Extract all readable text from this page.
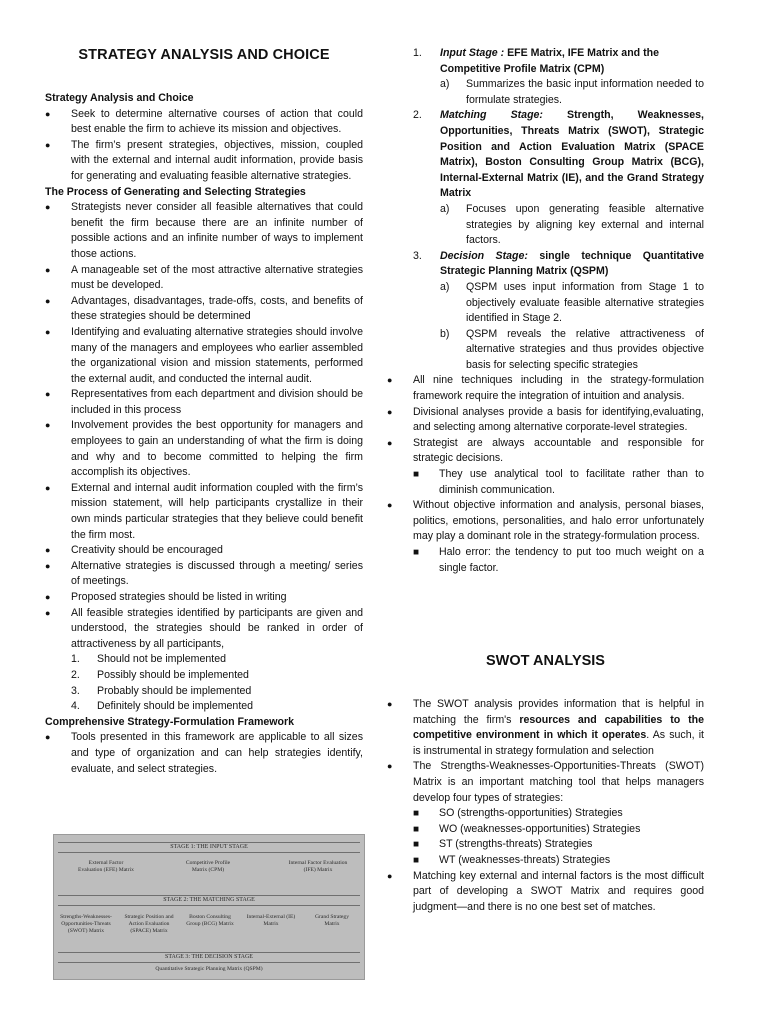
STRATEGY ANALYSIS AND CHOICE
Strategy Analysis and Choice
● Seek to determine alternative courses of action that could best enable the firm to achieve its mission and objectives.
● The firm’s present strategies, objectives, mission, coupled with the external and internal audit information, provide basis for generating and evaluating feasible alternative strategies.
The Process of Generating and Selecting Strategies
● Strategists never consider all feasible alternatives that could benefit the firm because there are an infinite number of possible actions and an infinite number of ways to implement those actions.
● A manageable set of the most attractive alternative strategies must be developed.
● Advantages, disadvantages, trade-offs, costs, and benefits of these strategies should be determined
● Identifying and evaluating alternative strategies should involve many of the managers and employees who earlier assembled the organizational vision and mission statements, performed the external audit, and conducted the internal audit.
● Representatives from each department and division should be included in this process
● Involvement provides the best opportunity for managers and employees to gain an understanding of what the firm is doing and why and to become committed to helping the firm accomplish its objectives.
● External and internal audit information coupled with the firm’s mission statement, will help participants crystallize in their own minds particular strategies that they believe could benefit the firm most.
● Creativity should be encouraged
● Alternative strategies is discussed through a meeting/ series of meetings.
● Proposed strategies should be listed in writing
● All feasible strategies identified by participants are given and understood, the strategies should be ranked in order of attractiveness by all participants,
1. Should not be implemented
2. Possibly should be implemented
3. Probably should be implemented
4. Definitely should be implemented
Comprehensive Strategy-Formulation Framework
● Tools presented in this framework are applicable to all sizes and type of organization and can help strategies identify, evaluate, and select strategies.
STAGE 1: THE INPUT STAGE
External Factor Evaluation (EFE) Matrix
Competitive Profile Matrix (CPM)
Internal Factor Evaluation (IFE) Matrix
STAGE 2: THE MATCHING STAGE
Strengths-Weaknesses-Opportunities-Threats (SWOT) Matrix
Strategic Position and Action Evaluation (SPACE) Matrix
Boston Consulting Group (BCG) Matrix
Internal-External (IE) Matrix
Grand Strategy Matrix
STAGE 3: THE DECISION STAGE
Quantitative Strategic Planning Matrix (QSPM)
1. Input Stage : EFE Matrix, IFE Matrix and the Competitive Profile Matrix (CPM)
a) Summarizes the basic input information needed to formulate strategies.
2. Matching Stage: Strength, Weaknesses, Opportunities, Threats Matrix (SWOT), Strategic Position and Action Evaluation Matrix (SPACE Matrix), Boston Consulting Group Matrix (BCG), Internal-External Matrix (IE), and the Grand Strategy Matrix
a) Focuses upon generating feasible alternative strategies by aligning key external and internal factors.
3. Decision Stage: single technique Quantitative Strategic Planning Matrix (QSPM)
a) QSPM uses input information from Stage 1 to objectively evaluate feasible alternative strategies identified in Stage 2.
b) QSPM reveals the relative attractiveness of alternative strategies and thus provides objective basis for selecting specific strategies
● All nine techniques including in the strategy-formulation framework require the integration of intuition and analysis.
● Divisional analyses provide a basis for identifying,evaluating, and selecting among alternative corporate-level strategies.
● Strategist are always accountable and responsible for strategic decisions.
■ They use analytical tool to facilitate rather than to diminish communication.
● Without objective information and analysis, personal biases, politics, emotions, personalities, and halo error unfortunately may play a dominant role in the strategy-formulation process.
■ Halo error: the tendency to put too much weight on a single factor.
SWOT ANALYSIS
● The SWOT analysis provides information that is helpful in matching the firm's resources and capabilities to the competitive environment in which it operates. As such, it is instrumental in strategy formulation and selection
● The Strengths-Weaknesses-Opportunities-Threats (SWOT) Matrix is an important matching tool that helps managers develop four types of strategies:
■ SO (strengths-opportunities) Strategies
■ WO (weaknesses-opportunities) Strategies
■ ST (strengths-threats) Strategies
■ WT (weaknesses-threats) Strategies
● Matching key external and internal factors is the most difficult part of developing a SWOT Matrix and requires good judgment—and there is no one best set of matches.
